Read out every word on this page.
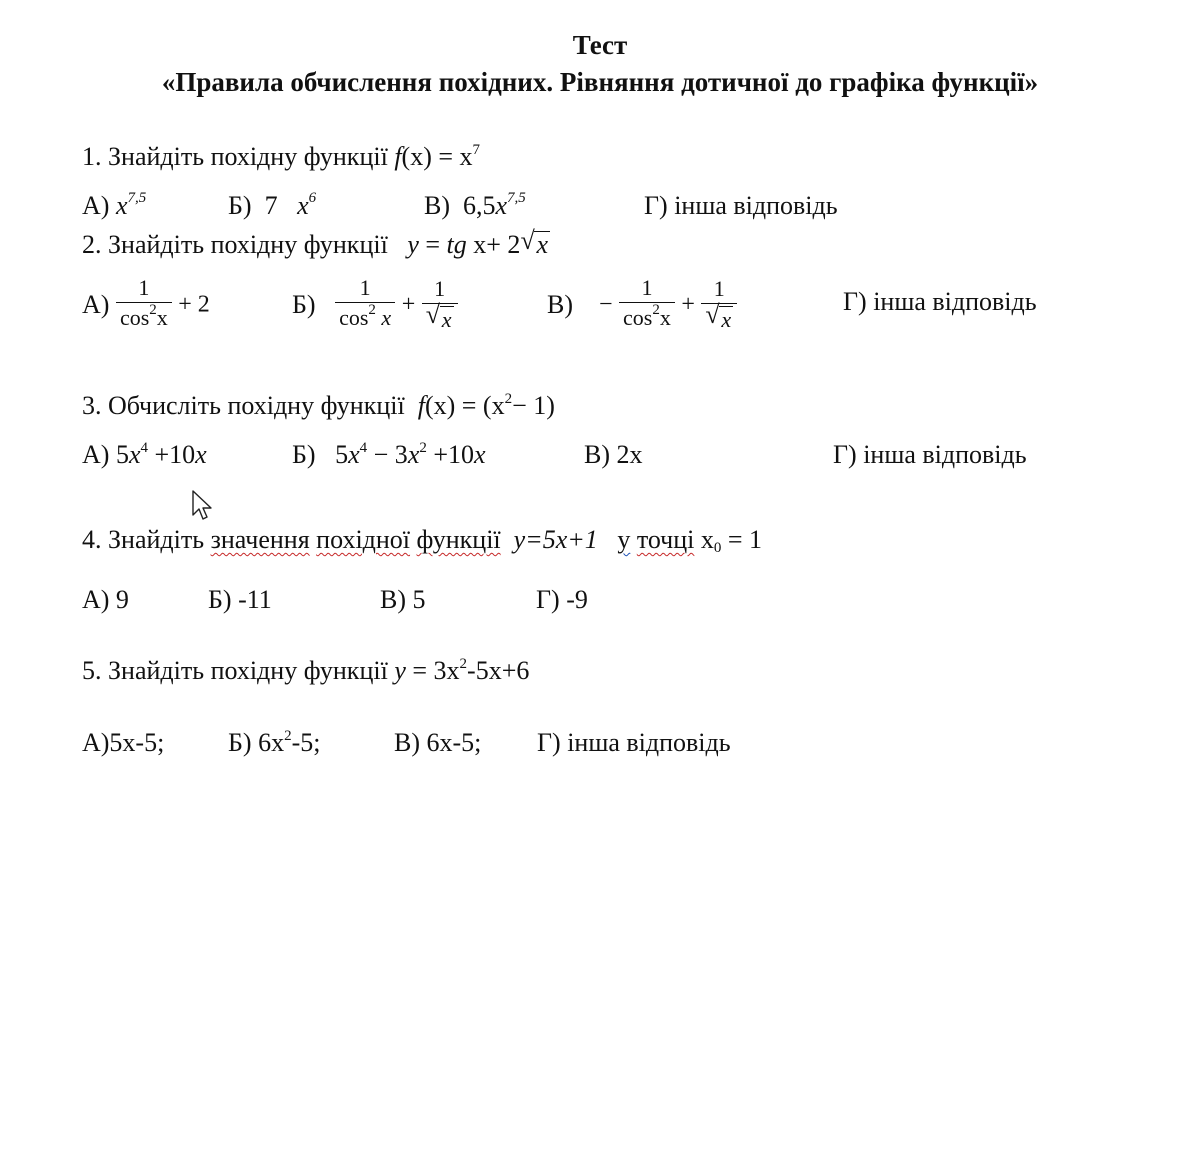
Тест
«Правила обчислення похідних. Рівняння дотичної до графіка функції»
1. Знайдіть похідну функції $f(x) = x^7$
А) $x^{7,5}$	Б) 7 $x^6$	В) $6,5x^{7,5}$	Г) інша відповідь
2. Знайдіть похідну функції y = tg x+ 2 √ x
$А) \frac{1}{\cos^2x} + 2$	$Б) \frac{1}{\cos^2 x} + \frac{1}{√ x}$	$В) - \frac{1}{\cos^2x} + \frac{1}{√ x}$	Г) інша відповідь
3. Обчисліть похідну функції $f(x) = (x^2- 1)$
А) $5x^4 +10x$	Б) $5x^4 - 3x^2 +10x$	В) 2x	Г) інша відповідь
4. Знайдіть значення похідної функції y=5x+1 у точці x0 = 1
А) 9	Б) -11	В) 5	Г) -9
5. Знайдіть похідну функції $y = 3x^2-5x+6$
А)5x-5; Б) $6x^2-5$;	В) 6x-5; Г) інша відповідь
